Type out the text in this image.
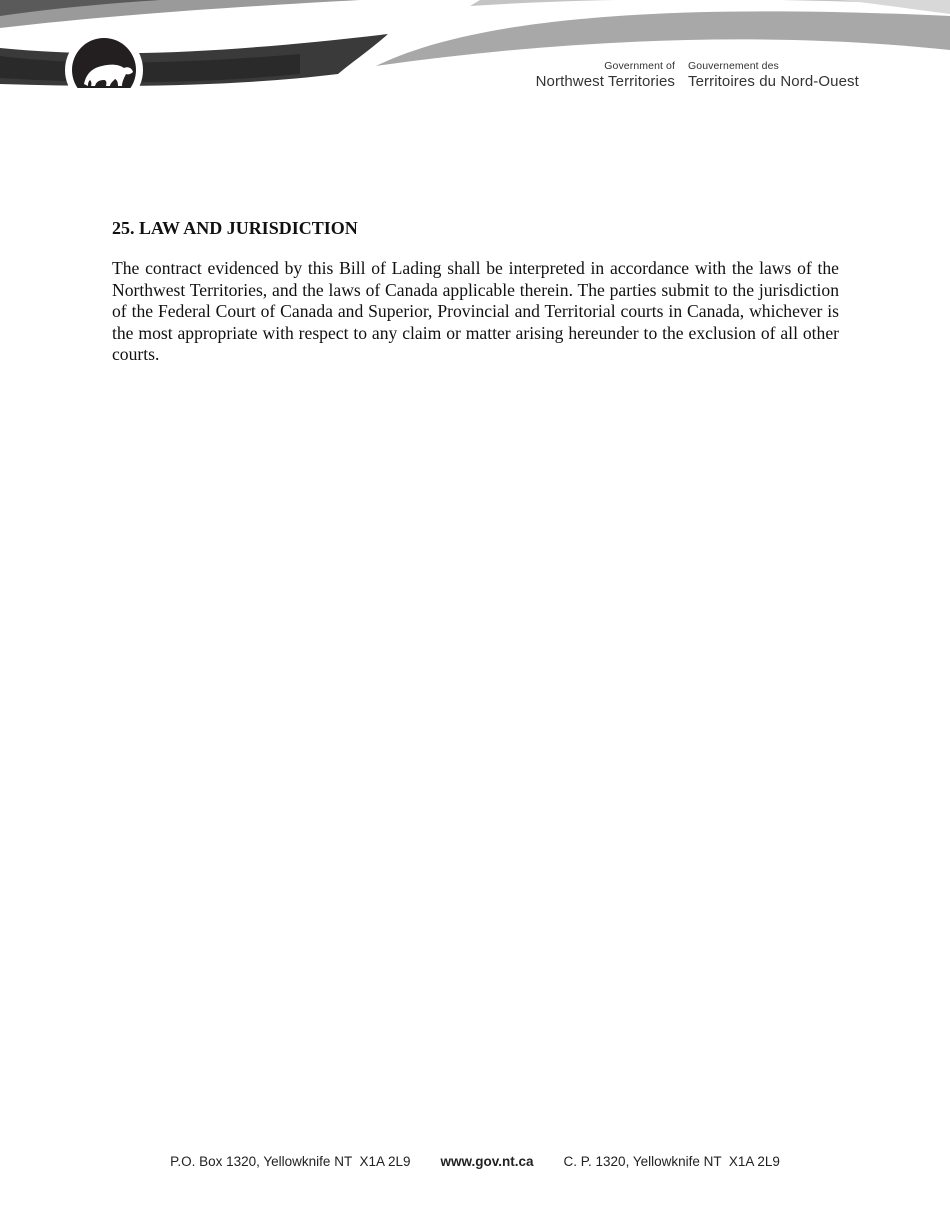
Government of
Northwest Territories
Gouvernement des
Territoires du Nord-Ouest
25. LAW AND JURISDICTION

The contract evidenced by this Bill of Lading shall be interpreted in accordance with the laws of the Northwest Territories, and the laws of Canada applicable therein. The parties submit to the jurisdiction of the Federal Court of Canada and Superior, Provincial and Territorial courts in Canada, whichever is the most appropriate with respect to any claim or matter arising hereunder to the exclusion of all other courts.

P.O. Box 1320, Yellowknife NT  X1A 2L9 www.gov.nt.ca C. P. 1320, Yellowknife NT  X1A 2L9
